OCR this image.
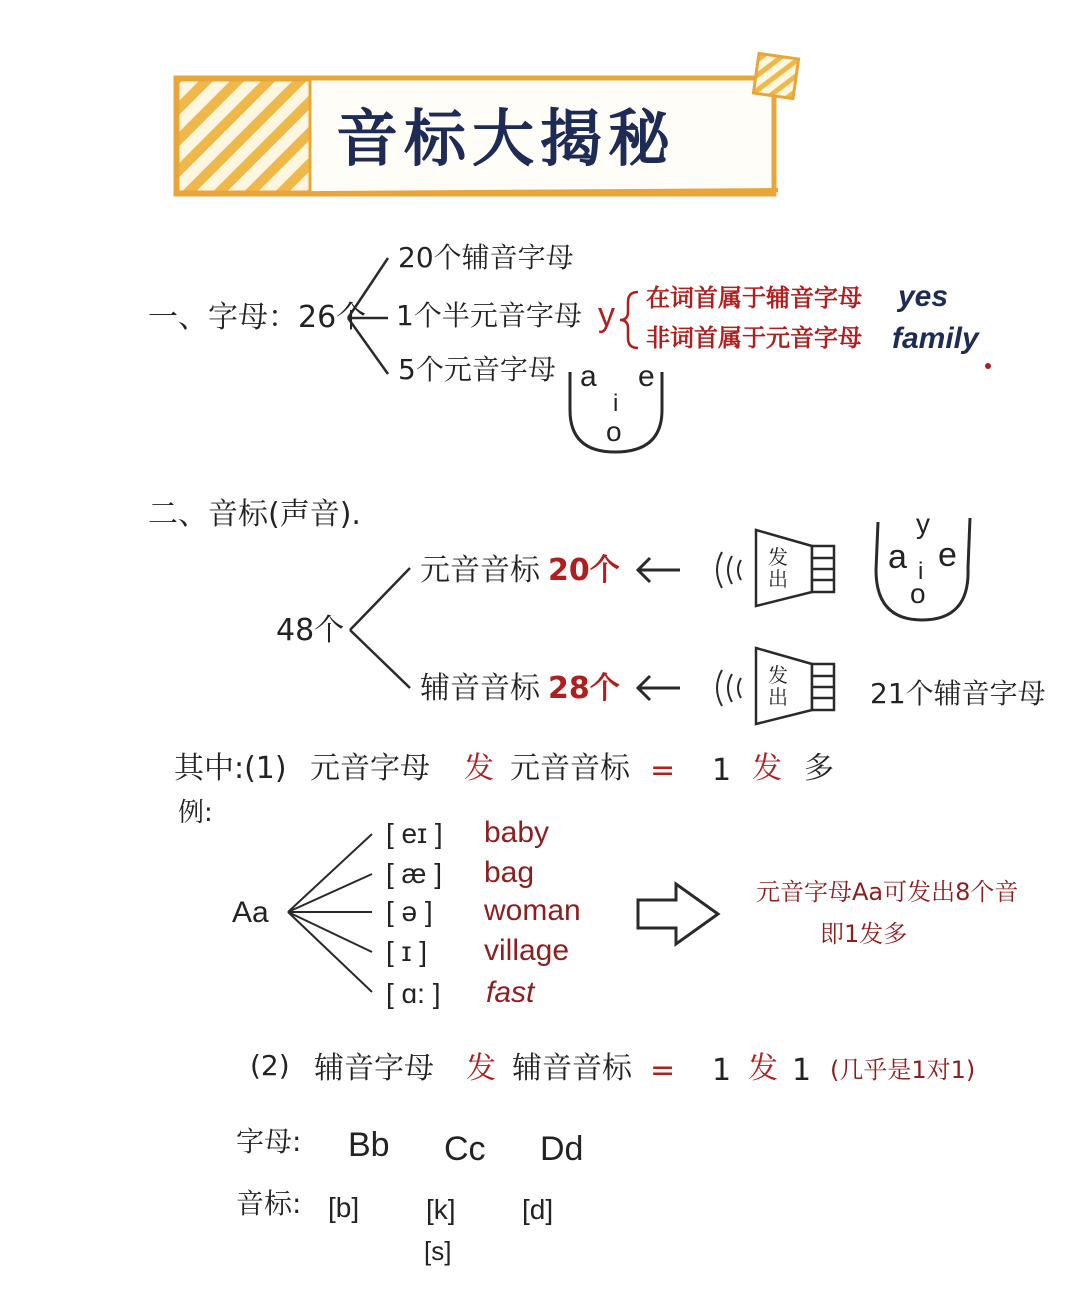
音标大揭秘
一、字母：26个
20个辅音字母
1个半元音字母
5个元音字母
y 在词首属于辅音字母
非词首属于元音字母
yes
family
a e
i
o
二、音标(声音).
48个
元音音标 20个
辅音音标 28个
发出
发出
y
a e
i
o
21个辅音字母
其中:(1) 元音字母 发 元音音标 = 1 发 多
例:
Aa
[ eɪ ] baby
[ æ ] bag
[ ə ] woman
[ ɪ ] village
[ ɑ: ] fast
元音字母Aa可发出8个音
即1发多
(2) 辅音字母 发 辅音音标 = 1 发 1 (几乎是1对1)
字母: Bb Cc Dd
音标: [b] [k] [d]
[s]
